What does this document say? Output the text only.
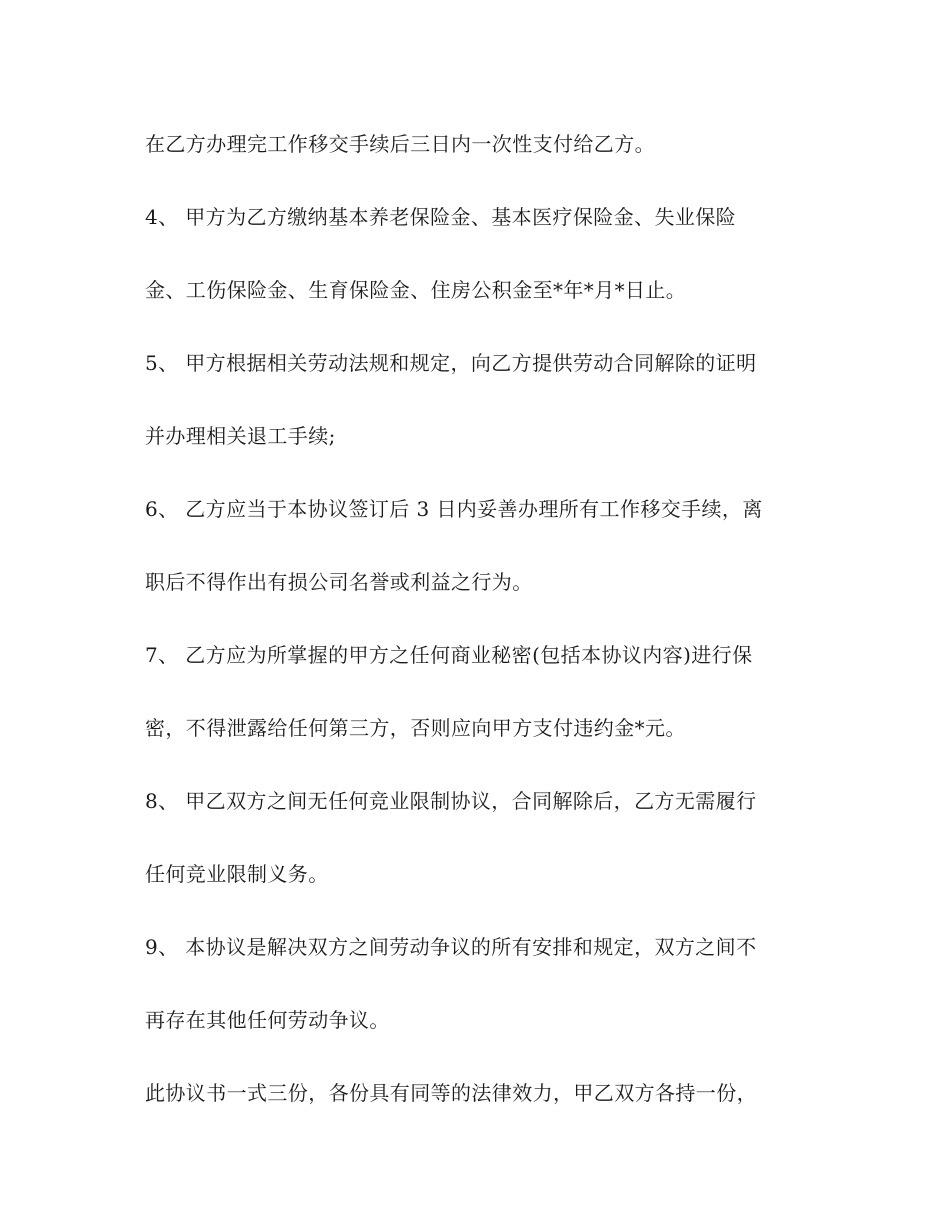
在乙方办理完工作移交手续后三日内一次性支付给乙方。
4、 甲方为乙方缴纳基本养老保险金、基本医疗保险金、失业保险
金、工伤保险金、生育保险金、住房公积金至*年*月*日止。
5、 甲方根据相关劳动法规和规定，向乙方提供劳动合同解除的证明
并办理相关退工手续;
6、 乙方应当于本协议签订后 3 日内妥善办理所有工作移交手续，离
职后不得作出有损公司名誉或利益之行为。
7、 乙方应为所掌握的甲方之任何商业秘密(包括本协议内容)进行保
密，不得泄露给任何第三方，否则应向甲方支付违约金*元。
8、 甲乙双方之间无任何竞业限制协议，合同解除后，乙方无需履行
任何竞业限制义务。
9、 本协议是解决双方之间劳动争议的所有安排和规定，双方之间不
再存在其他任何劳动争议。
此协议书一式三份，各份具有同等的法律效力，甲乙双方各持一份，
